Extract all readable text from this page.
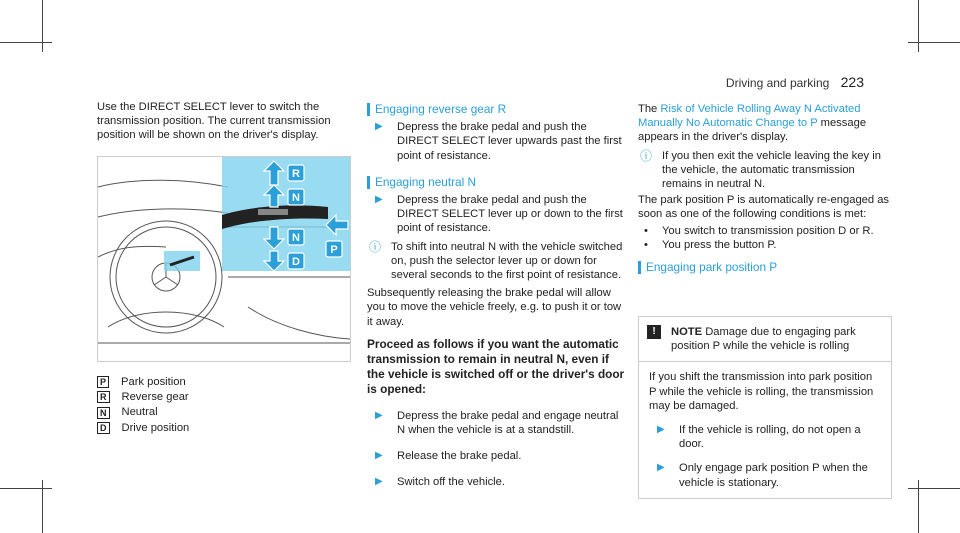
Driving and parking 223

Use the DIRECT SELECT lever to switch the transmission position. The current transmission position will be shown on the driver's display.

R
N
N
P
D
P Park position
R Reverse gear
N Neutral
D Drive position
Engaging reverse gear R
▶	Depress the brake pedal and push the DIRECT SELECT lever upwards past the first point of resistance.

Engaging neutral N
▶	Depress the brake pedal and push the DIRECT SELECT lever up or down to the first point of resistance.

ⓘ To shift into neutral N with the vehicle switched on, push the selector lever up or down for several seconds to the first point of resistance.

Subsequently releasing the brake pedal will allow you to move the vehicle freely, e.g. to push it or tow it away.

Proceed as follows if you want the automatic transmission to remain in neutral N, even if the vehicle is switched off or the driver's door is opened:

▶	Depress the brake pedal and engage neutral N when the vehicle is at a standstill.

▶	Release the brake pedal.

▶	Switch off the vehicle.

The Risk of Vehicle Rolling Away N Activated Manually No Automatic Change to P message appears in the driver's display.

ⓘ If you then exit the vehicle leaving the key in the vehicle, the automatic transmission remains in neutral N.

The park position P is automatically re-engaged as soon as one of the following conditions is met:

•	You switch to transmission position D or R.

•	You press the button P.

Engaging park position P
!	NOTE Damage due to engaging park position P while the vehicle is rolling

If you shift the transmission into park position P while the vehicle is rolling, the transmission may be damaged.

▶	If the vehicle is rolling, do not open a door.

▶	Only engage park position P when the vehicle is stationary.
